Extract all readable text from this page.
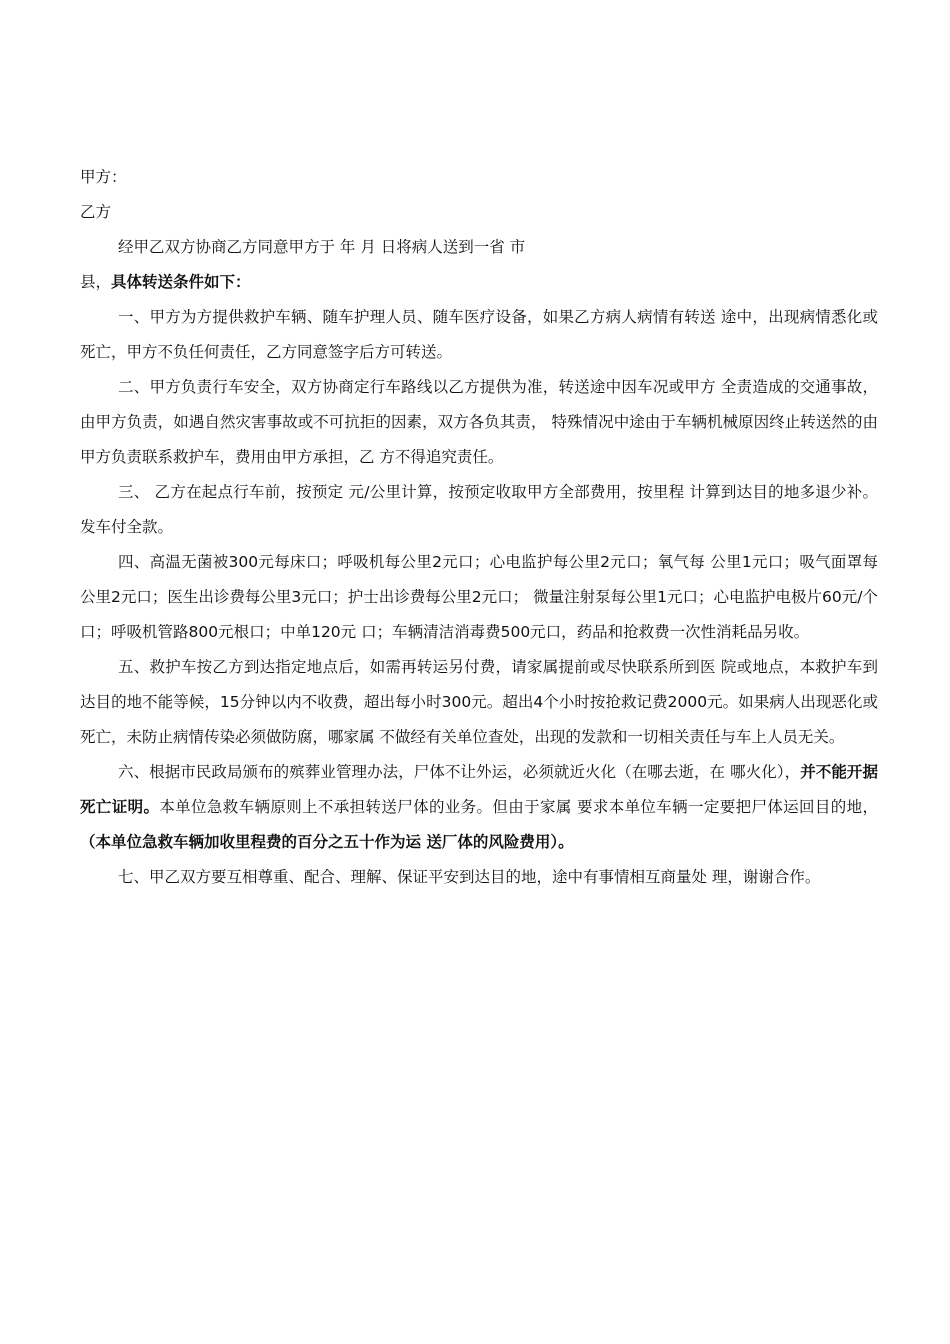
甲方：

乙方

经甲乙双方协商乙方同意甲方于 年 月 日将病人送到一省 市

县，具体转送条件如下：

一、甲方为方提供救护车辆、随车护理人员、随车医疗设备，如果乙方病人病情有转送 途中，出现病情悉化或死亡，甲方不负任何责任，乙方同意签字后方可转送。

二、甲方负责行车安全，双方协商定行车路线以乙方提供为准，转送途中因车况或甲方 全责造成的交通事故，由甲方负责，如遇自然灾害事故或不可抗拒的因素，双方各负其责， 特殊情况中途由于车辆机械原因终止转送然的由甲方负责联系救护车，费用由甲方承担，乙 方不得追究责任。

三、 乙方在起点行车前，按预定 元/公里计算，按预定收取甲方全部费用，按里程 计算到达目的地多退少补。发车付全款。

四、高温无菌被300元每床口；呼吸机每公里2元口；心电监护每公里2元口；氧气每 公里1元口；吸气面罩每公里2元口；医生出诊费每公里3元口；护士出诊费每公里2元口； 微量注射泵每公里1元口；心电监护电极片60元/个口；呼吸机管路800元根口；中单120元 口；车辆清洁消毒费500元口，药品和抢救费一次性消耗品另收。

五、救护车按乙方到达指定地点后，如需再转运另付费，请家属提前或尽快联系所到医 院或地点，本救护车到达目的地不能等候，15分钟以内不收费，超出每小时300元。超出4个小时按抢救记费2000元。如果病人出现恶化或死亡，未防止病情传染必须做防腐，哪家属 不做经有关单位查处，出现的发款和一切相关责任与车上人员无关。

六、根据市民政局颁布的殡葬业管理办法，尸体不让外运，必须就近火化（在哪去逝，在 哪火化），并不能开据死亡证明。本单位急救车辆原则上不承担转送尸体的业务。但由于家属 要求本单位车辆一定要把尸体运回目的地，（本单位急救车辆加收里程费的百分之五十作为运 送厂体的风险费用）。

七、甲乙双方要互相尊重、配合、理解、保证平安到达目的地，途中有事情相互商量处 理，谢谢合作。
